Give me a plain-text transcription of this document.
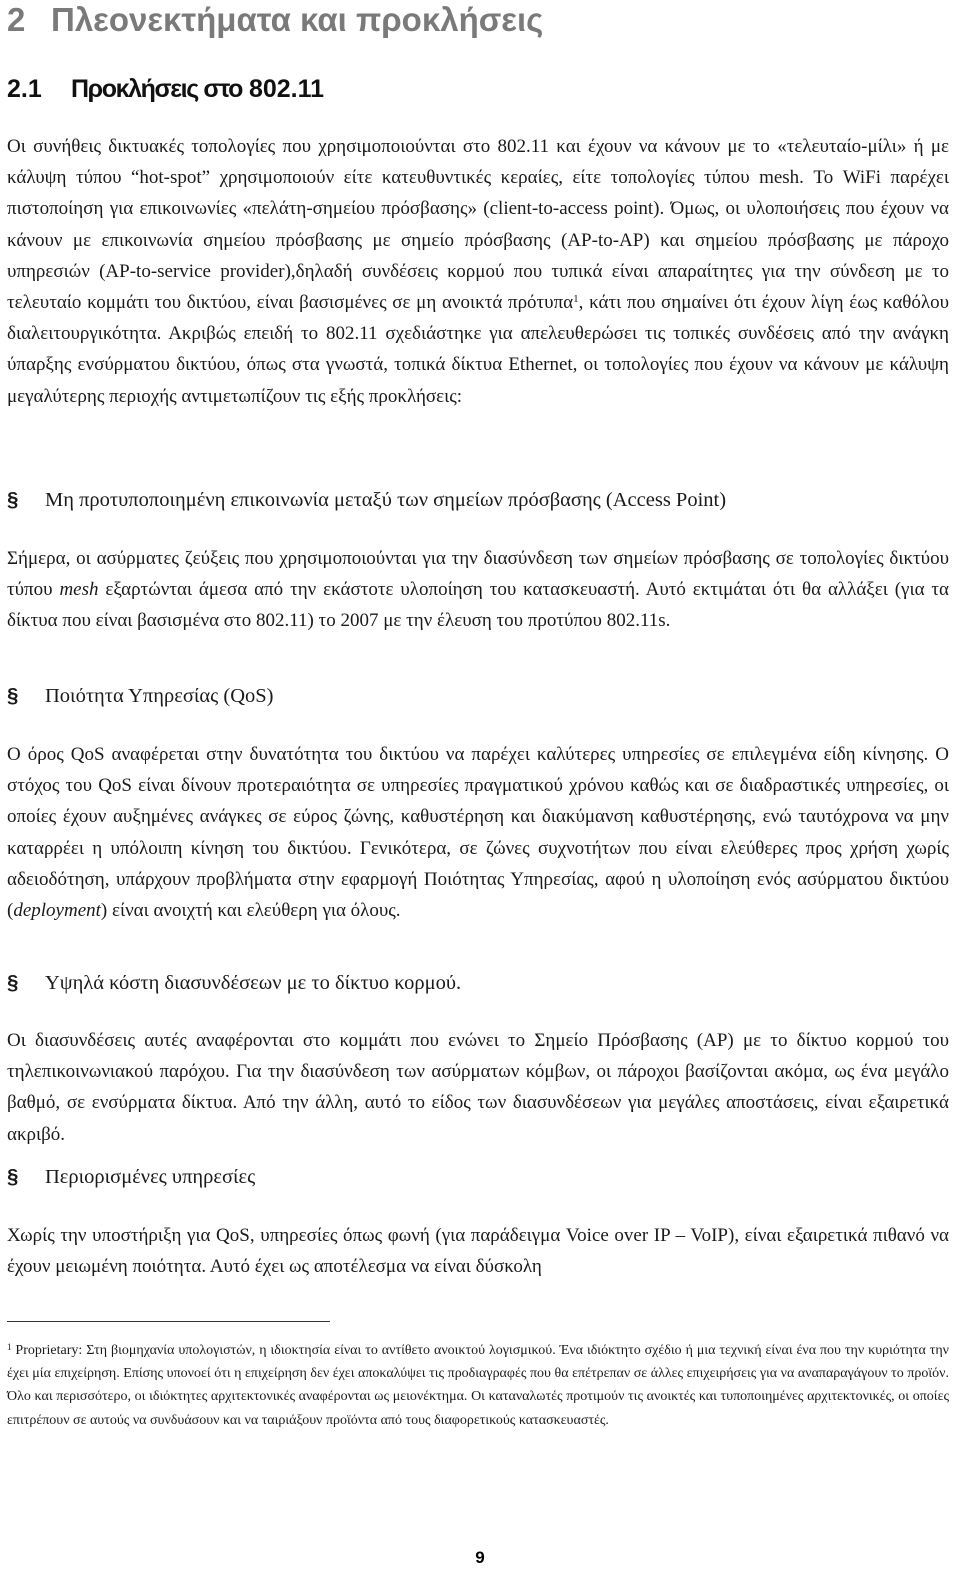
2 Πλεονεκτήματα και προκλήσεις
2.1 Προκλήσεις στο 802.11

Οι συνήθεις δικτυακές τοπολογίες που χρησιμοποιούνται στο 802.11 και έχουν να κάνουν με το «τελευταίο-μίλι» ή με κάλυψη τύπου “hot-spot” χρησιμοποιούν είτε κατευθυντικές κεραίες, είτε τοπολογίες τύπου mesh. Το WiFi παρέχει πιστοποίηση για επικοινωνίες «πελάτη-σημείου πρόσβασης» (client-to-access point). Όμως, οι υλοποιήσεις που έχουν να κάνουν με επικοινωνία σημείου πρόσβασης με σημείο πρόσβασης (AP-to-AP) και σημείου πρόσβασης με πάροχο υπηρεσιών (AP-to-service provider),δηλαδή συνδέσεις κορμού που τυπικά είναι απαραίτητες για την σύνδεση με το τελευταίο κομμάτι του δικτύου, είναι βασισμένες σε μη ανοικτά πρότυπα$^1$, κάτι που σημαίνει ότι έχουν λίγη έως καθόλου διαλειτουργικότητα. Ακριβώς επειδή το 802.11 σχεδιάστηκε για απελευθερώσει τις τοπικές συνδέσεις από την ανάγκη ύπαρξης ενσύρματου δικτύου, όπως στα γνωστά, τοπικά δίκτυα Ethernet, οι τοπολογίες που έχουν να κάνουν με κάλυψη μεγαλύτερης περιοχής αντιμετωπίζουν τις εξής προκλήσεις:

§ Μη προτυποποιημένη επικοινωνία μεταξύ των σημείων πρόσβασης (Access Point)

Σήμερα, οι ασύρματες ζεύξεις που χρησιμοποιούνται για την διασύνδεση των σημείων πρόσβασης σε τοπολογίες δικτύου τύπου mesh εξαρτώνται άμεσα από την εκάστοτε υλοποίηση του κατασκευαστή. Αυτό εκτιμάται ότι θα αλλάξει (για τα δίκτυα που είναι βασισμένα στο 802.11) το 2007 με την έλευση του προτύπου 802.11s.

§ Ποιότητα Υπηρεσίας (QoS)

Ο όρος QoS αναφέρεται στην δυνατότητα του δικτύου να παρέχει καλύτερες υπηρεσίες σε επιλεγμένα είδη κίνησης. Ο στόχος του QoS είναι δίνουν προτεραιότητα σε υπηρεσίες πραγματικού χρόνου καθώς και σε διαδραστικές υπηρεσίες, οι οποίες έχουν αυξημένες ανάγκες σε εύρος ζώνης, καθυστέρηση και διακύμανση καθυστέρησης, ενώ ταυτόχρονα να μην καταρρέει η υπόλοιπη κίνηση του δικτύου. Γενικότερα, σε ζώνες συχνοτήτων που είναι ελεύθερες προς χρήση χωρίς αδειοδότηση, υπάρχουν προβλήματα στην εφαρμογή Ποιότητας Υπηρεσίας, αφού η υλοποίηση ενός ασύρματου δικτύου (deployment) είναι ανοιχτή και ελεύθερη για όλους.

§ Υψηλά κόστη διασυνδέσεων με το δίκτυο κορμού.

Οι διασυνδέσεις αυτές αναφέρονται στο κομμάτι που ενώνει το Σημείο Πρόσβασης (AP) με το δίκτυο κορμού του τηλεπικοινωνιακού παρόχου. Για την διασύνδεση των ασύρματων κόμβων, οι πάροχοι βασίζονται ακόμα, ως ένα μεγάλο βαθμό, σε ενσύρματα δίκτυα. Από την άλλη, αυτό το είδος των διασυνδέσεων για μεγάλες αποστάσεις, είναι εξαιρετικά ακριβό.

§ Περιορισμένες υπηρεσίες

Χωρίς την υποστήριξη για QoS, υπηρεσίες όπως φωνή (για παράδειγμα Voice over IP – VoIP), είναι εξαιρετικά πιθανό να έχουν μειωμένη ποιότητα. Αυτό έχει ως αποτέλεσμα να είναι δύσκολη

$^1$ Proprietary: Στη βιομηχανία υπολογιστών, η ιδιοκτησία είναι το αντίθετο ανοικτού λογισμικού. Ένα ιδιόκτητο σχέδιο ή μια τεχνική είναι ένα που την κυριότητα την έχει μία επιχείρηση. Επίσης υπονοεί ότι η επιχείρηση δεν έχει αποκαλύψει τις προδιαγραφές που θα επέτρεπαν σε άλλες επιχειρήσεις για να αναπαραγάγουν το προϊόν. Όλο και περισσότερο, οι ιδιόκτητες αρχιτεκτονικές αναφέρονται ως μειονέκτημα. Οι καταναλωτές προτιμούν τις ανοικτές και τυποποιημένες αρχιτεκτονικές, οι οποίες επιτρέπουν σε αυτούς να συνδυάσουν και να ταιριάξουν προϊόντα από τους διαφορετικούς κατασκευαστές.

9
